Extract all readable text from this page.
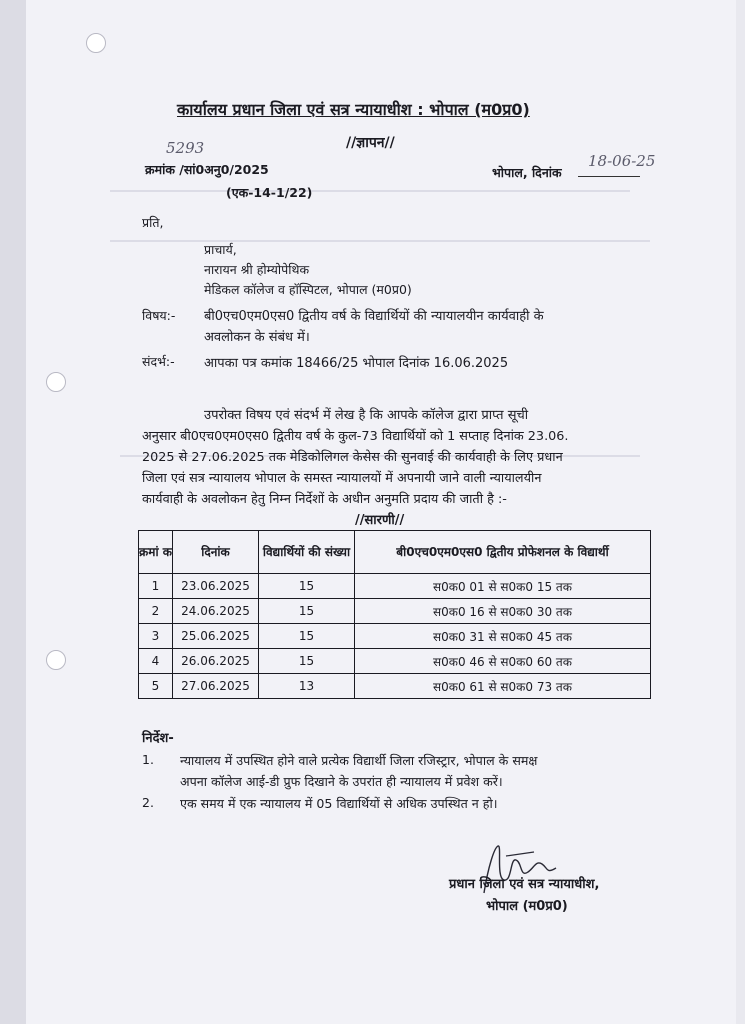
कार्यालय प्रधान जिला एवं सत्र न्यायाधीश : भोपाल (म0प्र0)
//ज्ञापन//
5293
क्रमांक /सां0अनु0/2025
(एक-14-1/22)
भोपाल, दिनांक
18-06-25
प्रति,
प्राचार्य,
नारायन श्री होम्योपेथिक
मेडिकल कॉलेज व हॉस्पिटल, भोपाल (म0प्र0)
विषय:- बी0एच0एम0एस0 द्वितीय वर्ष के विद्यार्थियों की न्यायालयीन कार्यवाही के
अवलोकन के संबंध में।
संदर्भ:- आपका पत्र कमांक 18466/25 भोपाल दिनांक 16.06.2025
उपरोक्त विषय एवं संदर्भ में लेख है कि आपके कॉलेज द्वारा प्राप्त सूची
अनुसार बी0एच0एम0एस0 द्वितीय वर्ष के कुल-73 विद्यार्थियों को 1 सप्ताह दिनांक 23.06.
2025 से 27.06.2025 तक मेडिकोलिगल केसेस की सुनवाई की कार्यवाही के लिए प्रधान
जिला एवं सत्र न्यायालय भोपाल के समस्त न्यायालयों में अपनायी जाने वाली न्यायालयीन
कार्यवाही के अवलोकन हेतु निम्न निर्देशों के अधीन अनुमति प्रदाय की जाती है :-
//सारणी//
क्रमां क	दिनांक	विद्यार्थियों की संख्या	बी0एच0एम0एस0 द्वितीय प्रोफेशनल के विद्यार्थी
1	23.06.2025	15	स0क0 01 से स0क0 15 तक
2	24.06.2025	15	स0क0 16 से स0क0 30 तक
3	25.06.2025	15	स0क0 31 से स0क0 45 तक
4	26.06.2025	15	स0क0 46 से स0क0 60 तक
5	27.06.2025	13	स0क0 61 से स0क0 73 तक
निर्देश-
1. न्यायालय में उपस्थित होने वाले प्रत्येक विद्यार्थी जिला रजिस्ट्रार, भोपाल के समक्ष
अपना कॉलेज आई-डी प्रुफ दिखाने के उपरांत ही न्यायालय में प्रवेश करें।
2. एक समय में एक न्यायालय में 05 विद्यार्थियों से अधिक उपस्थित न हो।
प्रधान जिला एवं सत्र न्यायाधीश,
भोपाल (म0प्र0)
